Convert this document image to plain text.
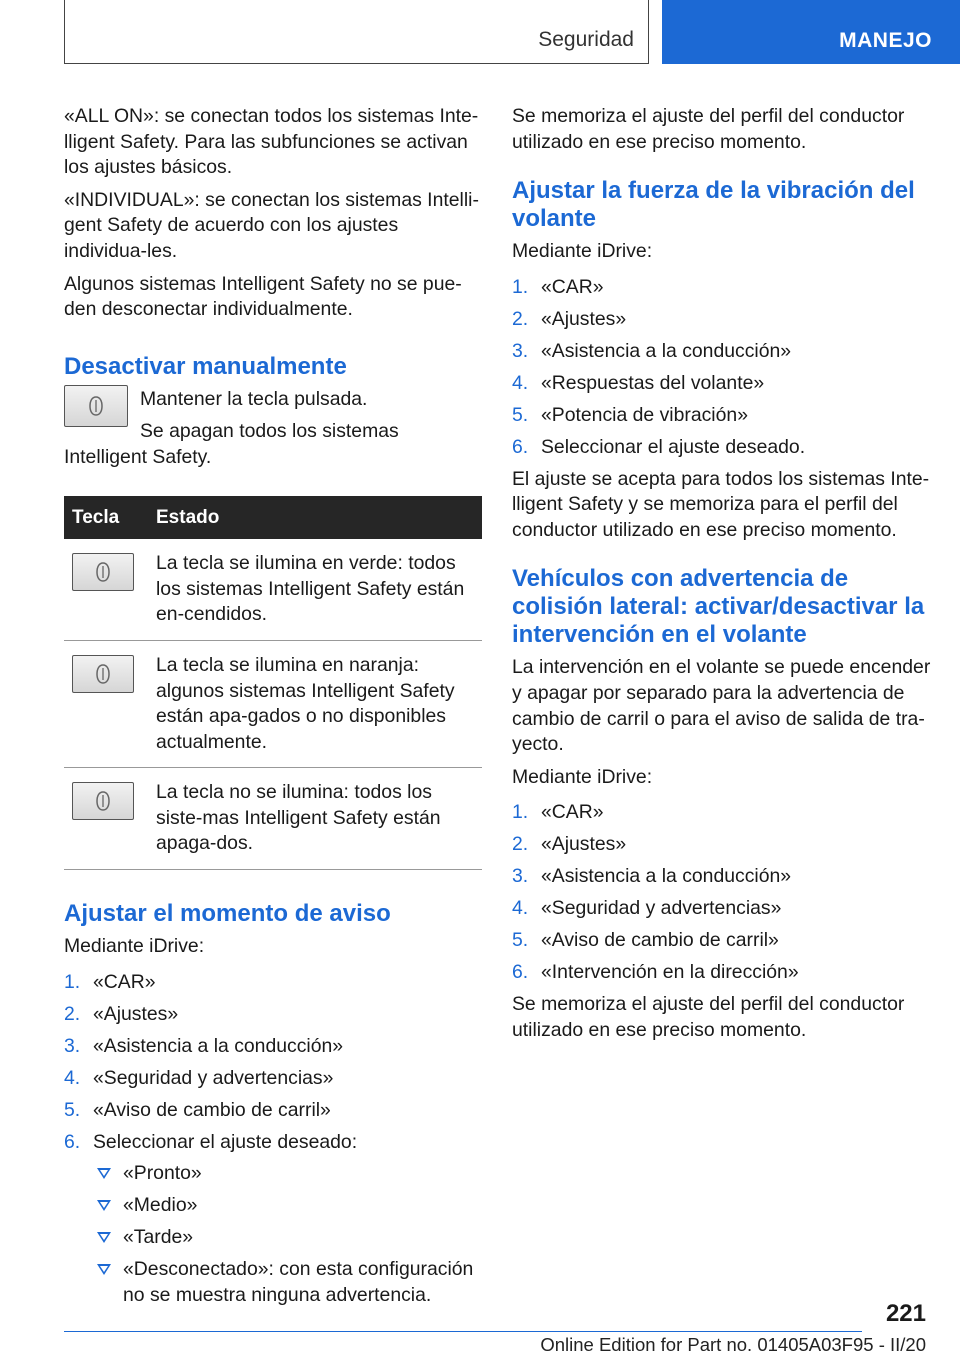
Seguridad	MANEJO

«ALL ON»: se conectan todos los sistemas Inte-lligent Safety. Para las subfunciones se activan los ajustes básicos.

«INDIVIDUAL»: se conectan los sistemas Intelli-gent Safety de acuerdo con los ajustes individua-les.

Algunos sistemas Intelligent Safety no se pue-den desconectar individualmente.

Desactivar manualmente

Mantener la tecla pulsada.

Se apagan todos los sistemas Intelligent Safety.

Tecla	Estado

	La tecla se ilumina en verde: todos los sistemas Intelligent Safety están en-cendidos.

	La tecla se ilumina en naranja: algunos sistemas Intelligent Safety están apa-gados o no disponibles actualmente.

	La tecla no se ilumina: todos los siste-mas Intelligent Safety están apaga-dos.
Ajustar el momento de aviso

Mediante iDrive:

1. «CAR»
2. «Ajustes»
3. «Asistencia a la conducción»
4. «Seguridad y advertencias»
5. «Aviso de cambio de carril»
6. Seleccionar el ajuste deseado:
«Pronto»
«Medio»
«Tarde»
«Desconectado»: con esta configuración no se muestra ninguna advertencia.

Se memoriza el ajuste del perfil del conductor utilizado en ese preciso momento.

Ajustar la fuerza de la vibración del volante

Mediante iDrive:

1. «CAR»
2. «Ajustes»
3. «Asistencia a la conducción»
4. «Respuestas del volante»
5. «Potencia de vibración»
6. Seleccionar el ajuste deseado.

El ajuste se acepta para todos los sistemas Inte-lligent Safety y se memoriza para el perfil del conductor utilizado en ese preciso momento.

Vehículos con advertencia de colisión lateral: activar/desactivar la intervención en el volante

La intervención en el volante se puede encender y apagar por separado para la advertencia de cambio de carril o para el aviso de salida de tra-yecto.

Mediante iDrive:

1. «CAR»
2. «Ajustes»
3. «Asistencia a la conducción»
4. «Seguridad y advertencias»
5. «Aviso de cambio de carril»
6. «Intervención en la dirección»

Se memoriza el ajuste del perfil del conductor utilizado en ese preciso momento.

221
Online Edition for Part no. 01405A03F95 - II/20
